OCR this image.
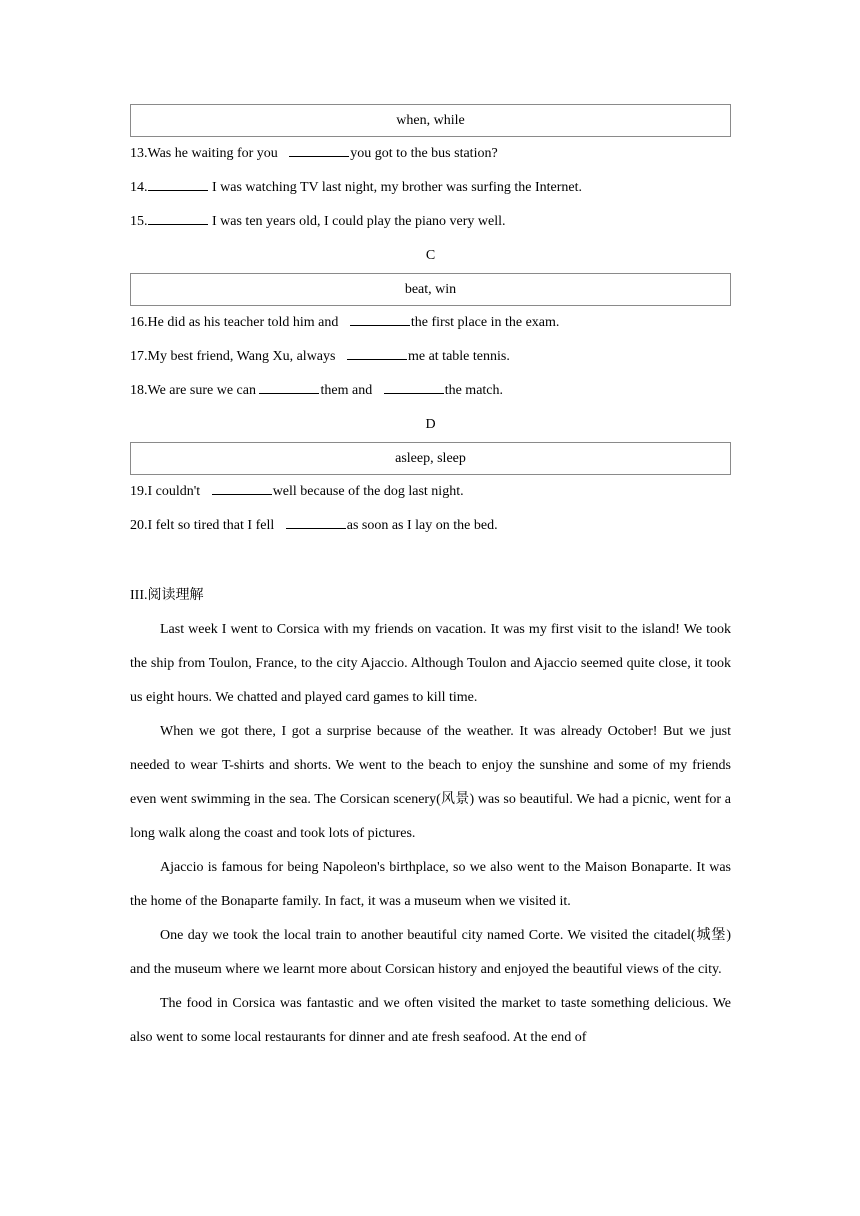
when, while
13.Was he waiting for you	you got to the bus station?
14.	I was watching TV last night, my brother was surfing the Internet.
15.	I was ten years old, I could play the piano very well.
C
beat, win
16.He did as his teacher told him and	the first place in the exam.
17.My best friend, Wang Xu, always	me at table tennis.
18.We are sure we can	them and	the match.
D
asleep, sleep
19.I couldn't	well because of the dog last night.
20.I felt so tired that I fell	as soon as I lay on the bed.
III.阅读理解

Last week I went to Corsica with my friends on vacation. It was my first visit to the island! We took the ship from Toulon, France, to the city Ajaccio. Although Toulon and Ajaccio seemed quite close, it took us eight hours. We chatted and played card games to kill time.

When we got there, I got a surprise because of the weather. It was already October! But we just needed to wear T-shirts and shorts. We went to the beach to enjoy the sunshine and some of my friends even went swimming in the sea. The Corsican scenery(风景) was so beautiful. We had a picnic, went for a long walk along the coast and took lots of pictures.

Ajaccio is famous for being Napoleon's birthplace, so we also went to the Maison Bonaparte. It was the home of the Bonaparte family. In fact, it was a museum when we visited it.

One day we took the local train to another beautiful city named Corte. We visited the citadel(城堡) and the museum where we learnt more about Corsican history and enjoyed the beautiful views of the city.

The food in Corsica was fantastic and we often visited the market to taste something delicious. We also went to some local restaurants for dinner and ate fresh seafood. At the end of
